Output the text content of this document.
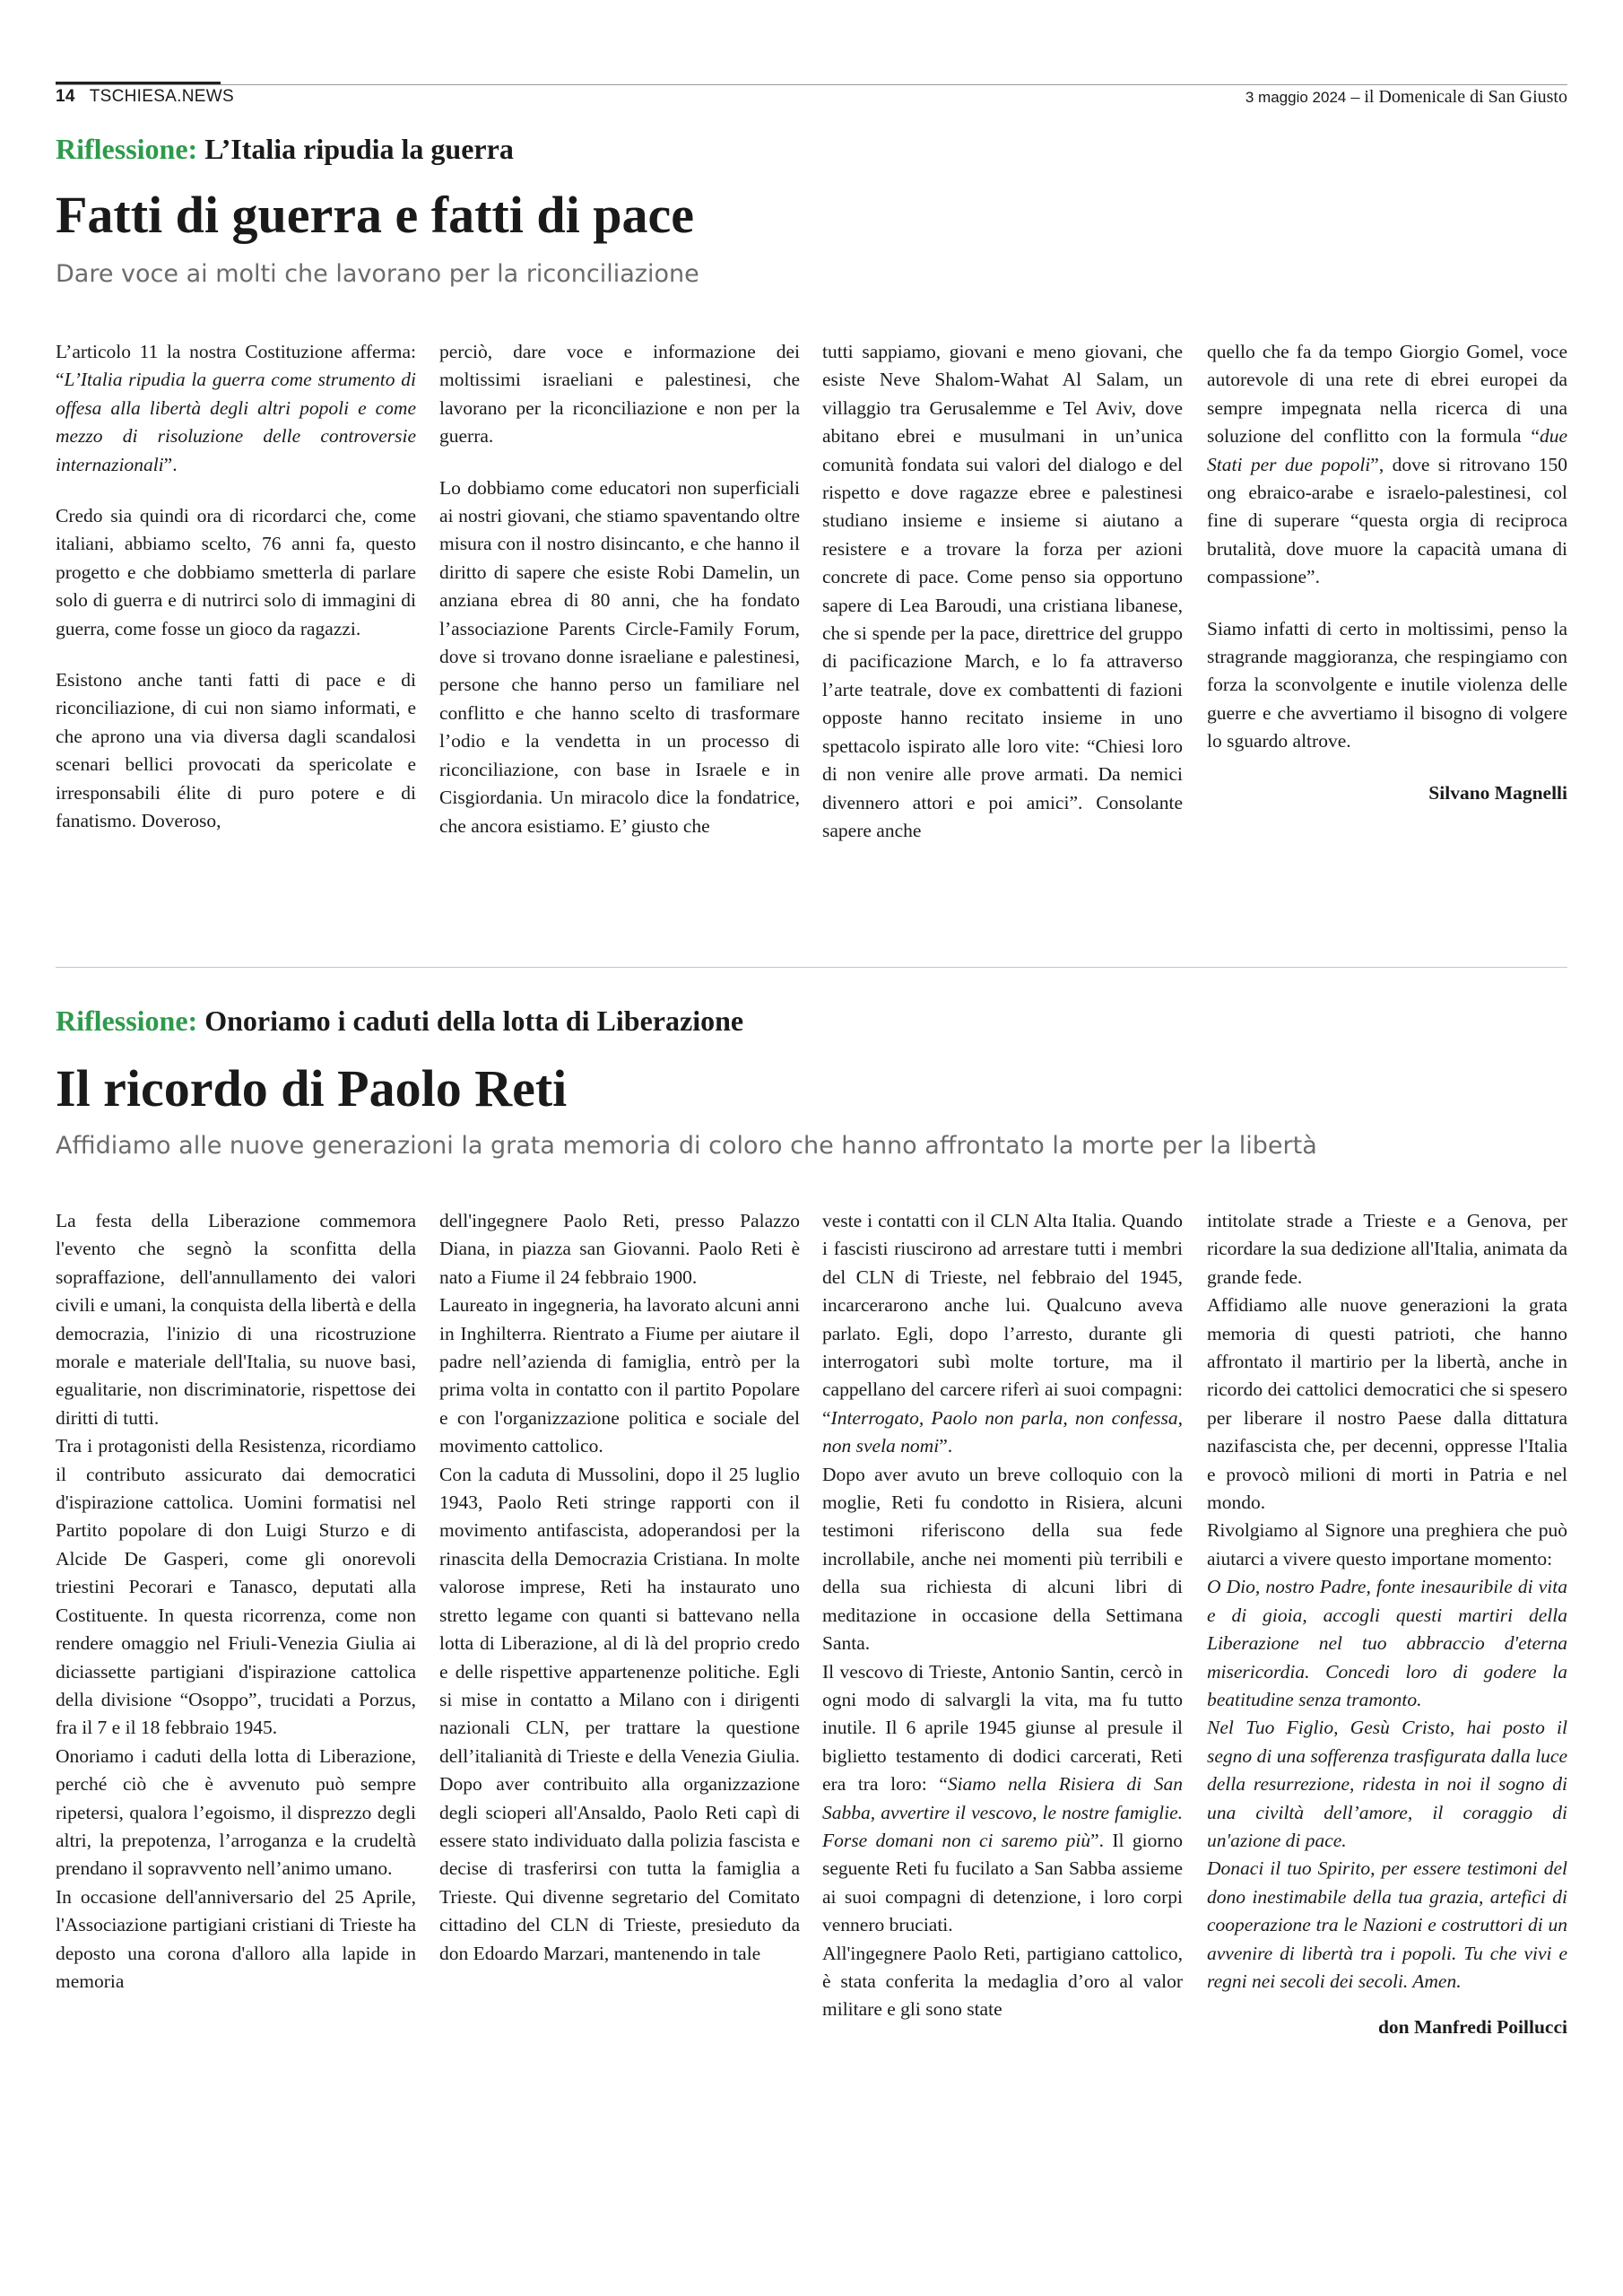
14 TSCHIESA.NEWS	3 maggio 2024 – il Domenicale di San Giusto
Riflessione: L’Italia ripudia la guerra
Fatti di guerra e fatti di pace
Dare voce ai molti che lavorano per la riconciliazione

L’articolo 11 la nostra Costituzione afferma: “L’Italia ripudia la guerra come strumento di offesa alla libertà degli altri popoli e come mezzo di risoluzione delle controversie internazionali”.

Credo sia quindi ora di ricordarci che, come italiani, abbiamo scelto, 76 anni fa, questo progetto e che dobbiamo smetterla di parlare solo di guerra e di nutrirci solo di immagini di guerra, come fosse un gioco da ragazzi.

Esistono anche tanti fatti di pace e di riconciliazione, di cui non siamo informati, e che aprono una via diversa dagli scandalosi scenari bellici provocati da spericolate e irresponsabili élite di puro potere e di fanatismo. Doveroso,

perciò, dare voce e informazione dei moltissimi israeliani e palestinesi, che lavorano per la riconciliazione e non per la guerra.

Lo dobbiamo come educatori non superficiali ai nostri giovani, che stiamo spaventando oltre misura con il nostro disincanto, e che hanno il diritto di sapere che esiste Robi Damelin, un anziana ebrea di 80 anni, che ha fondato l’associazione Parents Circle-Family Forum, dove si trovano donne israeliane e palestinesi, persone che hanno perso un familiare nel conflitto e che hanno scelto di trasformare l’odio e la vendetta in un processo di riconciliazione, con base in Israele e in Cisgiordania. Un miracolo dice la fondatrice, che ancora esistiamo. E’ giusto che

tutti sappiamo, giovani e meno giovani, che esiste Neve Shalom-Wahat Al Salam, un villaggio tra Gerusalemme e Tel Aviv, dove abitano ebrei e musulmani in un’unica comunità fondata sui valori del dialogo e del rispetto e dove ragazze ebree e palestinesi studiano insieme e insieme si aiutano a resistere e a trovare la forza per azioni concrete di pace. Come penso sia opportuno sapere di Lea Baroudi, una cristiana libanese, che si spende per la pace, direttrice del gruppo di pacificazione March, e lo fa attraverso l’arte teatrale, dove ex combattenti di fazioni opposte hanno recitato insieme in uno spettacolo ispirato alle loro vite: “Chiesi loro di non venire alle prove armati. Da nemici divennero attori e poi amici”. Consolante sapere anche

quello che fa da tempo Giorgio Gomel, voce autorevole di una rete di ebrei europei da sempre impegnata nella ricerca di una soluzione del conflitto con la formula “due Stati per due popoli”, dove si ritrovano 150 ong ebraico-arabe e israelo-palestinesi, col fine di superare “questa orgia di reciproca brutalità, dove muore la capacità umana di compassione”.

Siamo infatti di certo in moltissimi, penso la stragrande maggioranza, che respingiamo con forza la sconvolgente e inutile violenza delle guerre e che avvertiamo il bisogno di volgere lo sguardo altrove.

Silvano Magnelli

Riflessione: Onoriamo i caduti della lotta di Liberazione
Il ricordo di Paolo Reti
Affidiamo alle nuove generazioni la grata memoria di coloro che hanno affrontato la morte per la libertà

La festa della Liberazione commemora l'evento che segnò la sconfitta della sopraffazione, dell'annullamento dei valori civili e umani, la conquista della libertà e della democrazia, l'inizio di una ricostruzione morale e materiale dell'Italia, su nuove basi, egualitarie, non discriminatorie, rispettose dei diritti di tutti.

Tra i protagonisti della Resistenza, ricordiamo il contributo assicurato dai democratici d'ispirazione cattolica. Uomini formatisi nel Partito popolare di don Luigi Sturzo e di Alcide De Gasperi, come gli onorevoli triestini Pecorari e Tanasco, deputati alla Costituente. In questa ricorrenza, come non rendere omaggio nel Friuli-Venezia Giulia ai diciassette partigiani d'ispirazione cattolica della divisione “Osoppo”, trucidati a Porzus, fra il 7 e il 18 febbraio 1945.

Onoriamo i caduti della lotta di Liberazione, perché ciò che è avvenuto può sempre ripetersi, qualora l’egoismo, il disprezzo degli altri, la prepotenza, l’arroganza e la crudeltà prendano il sopravvento nell’animo umano.

In occasione dell'anniversario del 25 Aprile, l'Associazione partigiani cristiani di Trieste ha deposto una corona d'alloro alla lapide in memoria

dell'ingegnere Paolo Reti, presso Palazzo Diana, in piazza san Giovanni. Paolo Reti è nato a Fiume il 24 febbraio 1900.

Laureato in ingegneria, ha lavorato alcuni anni in Inghilterra. Rientrato a Fiume per aiutare il padre nell’azienda di famiglia, entrò per la prima volta in contatto con il partito Popolare e con l'organizzazione politica e sociale del movimento cattolico.

Con la caduta di Mussolini, dopo il 25 luglio 1943, Paolo Reti stringe rapporti con il movimento antifascista, adoperandosi per la rinascita della Democrazia Cristiana. In molte valorose imprese, Reti ha instaurato uno stretto legame con quanti si battevano nella lotta di Liberazione, al di là del proprio credo e delle rispettive appartenenze politiche. Egli si mise in contatto a Milano con i dirigenti nazionali CLN, per trattare la questione dell’italianità di Trieste e della Venezia Giulia. Dopo aver contribuito alla organizzazione degli scioperi all'Ansaldo, Paolo Reti capì di essere stato individuato dalla polizia fascista e decise di trasferirsi con tutta la famiglia a Trieste. Qui divenne segretario del Comitato cittadino del CLN di Trieste, presieduto da don Edoardo Marzari, mantenendo in tale

veste i contatti con il CLN Alta Italia. Quando i fascisti riuscirono ad arrestare tutti i membri del CLN di Trieste, nel febbraio del 1945, incarcerarono anche lui. Qualcuno aveva parlato. Egli, dopo l’arresto, durante gli interrogatori subì molte torture, ma il cappellano del carcere riferì ai suoi compagni: “Interrogato, Paolo non parla, non confessa, non svela nomi”.

Dopo aver avuto un breve colloquio con la moglie, Reti fu condotto in Risiera, alcuni testimoni riferiscono della sua fede incrollabile, anche nei momenti più terribili e della sua richiesta di alcuni libri di meditazione in occasione della Settimana Santa.

Il vescovo di Trieste, Antonio Santin, cercò in ogni modo di salvargli la vita, ma fu tutto inutile. Il 6 aprile 1945 giunse al presule il biglietto testamento di dodici carcerati, Reti era tra loro: “Siamo nella Risiera di San Sabba, avvertire il vescovo, le nostre famiglie. Forse domani non ci saremo più”. Il giorno seguente Reti fu fucilato a San Sabba assieme ai suoi compagni di detenzione, i loro corpi vennero bruciati.

All'ingegnere Paolo Reti, partigiano cattolico, è stata conferita la medaglia d’oro al valor militare e gli sono state

intitolate strade a Trieste e a Genova, per ricordare la sua dedizione all'Italia, animata da grande fede.

Affidiamo alle nuove generazioni la grata memoria di questi patrioti, che hanno affrontato il martirio per la libertà, anche in ricordo dei cattolici democratici che si spesero per liberare il nostro Paese dalla dittatura nazifascista che, per decenni, oppresse l'Italia e provocò milioni di morti in Patria e nel mondo.

Rivolgiamo al Signore una preghiera che può aiutarci a vivere questo importane momento:

O Dio, nostro Padre, fonte inesauribile di vita e di gioia, accogli questi martiri della Liberazione nel tuo abbraccio d'eterna misericordia. Concedi loro di godere la beatitudine senza tramonto.

Nel Tuo Figlio, Gesù Cristo, hai posto il segno di una sofferenza trasfigurata dalla luce della resurrezione, ridesta in noi il sogno di una civiltà dell’amore, il coraggio di un'azione di pace.

Donaci il tuo Spirito, per essere testimoni del dono inestimabile della tua grazia, artefici di cooperazione tra le Nazioni e costruttori di un avvenire di libertà tra i popoli. Tu che vivi e regni nei secoli dei secoli. Amen.

don Manfredi Poillucci
